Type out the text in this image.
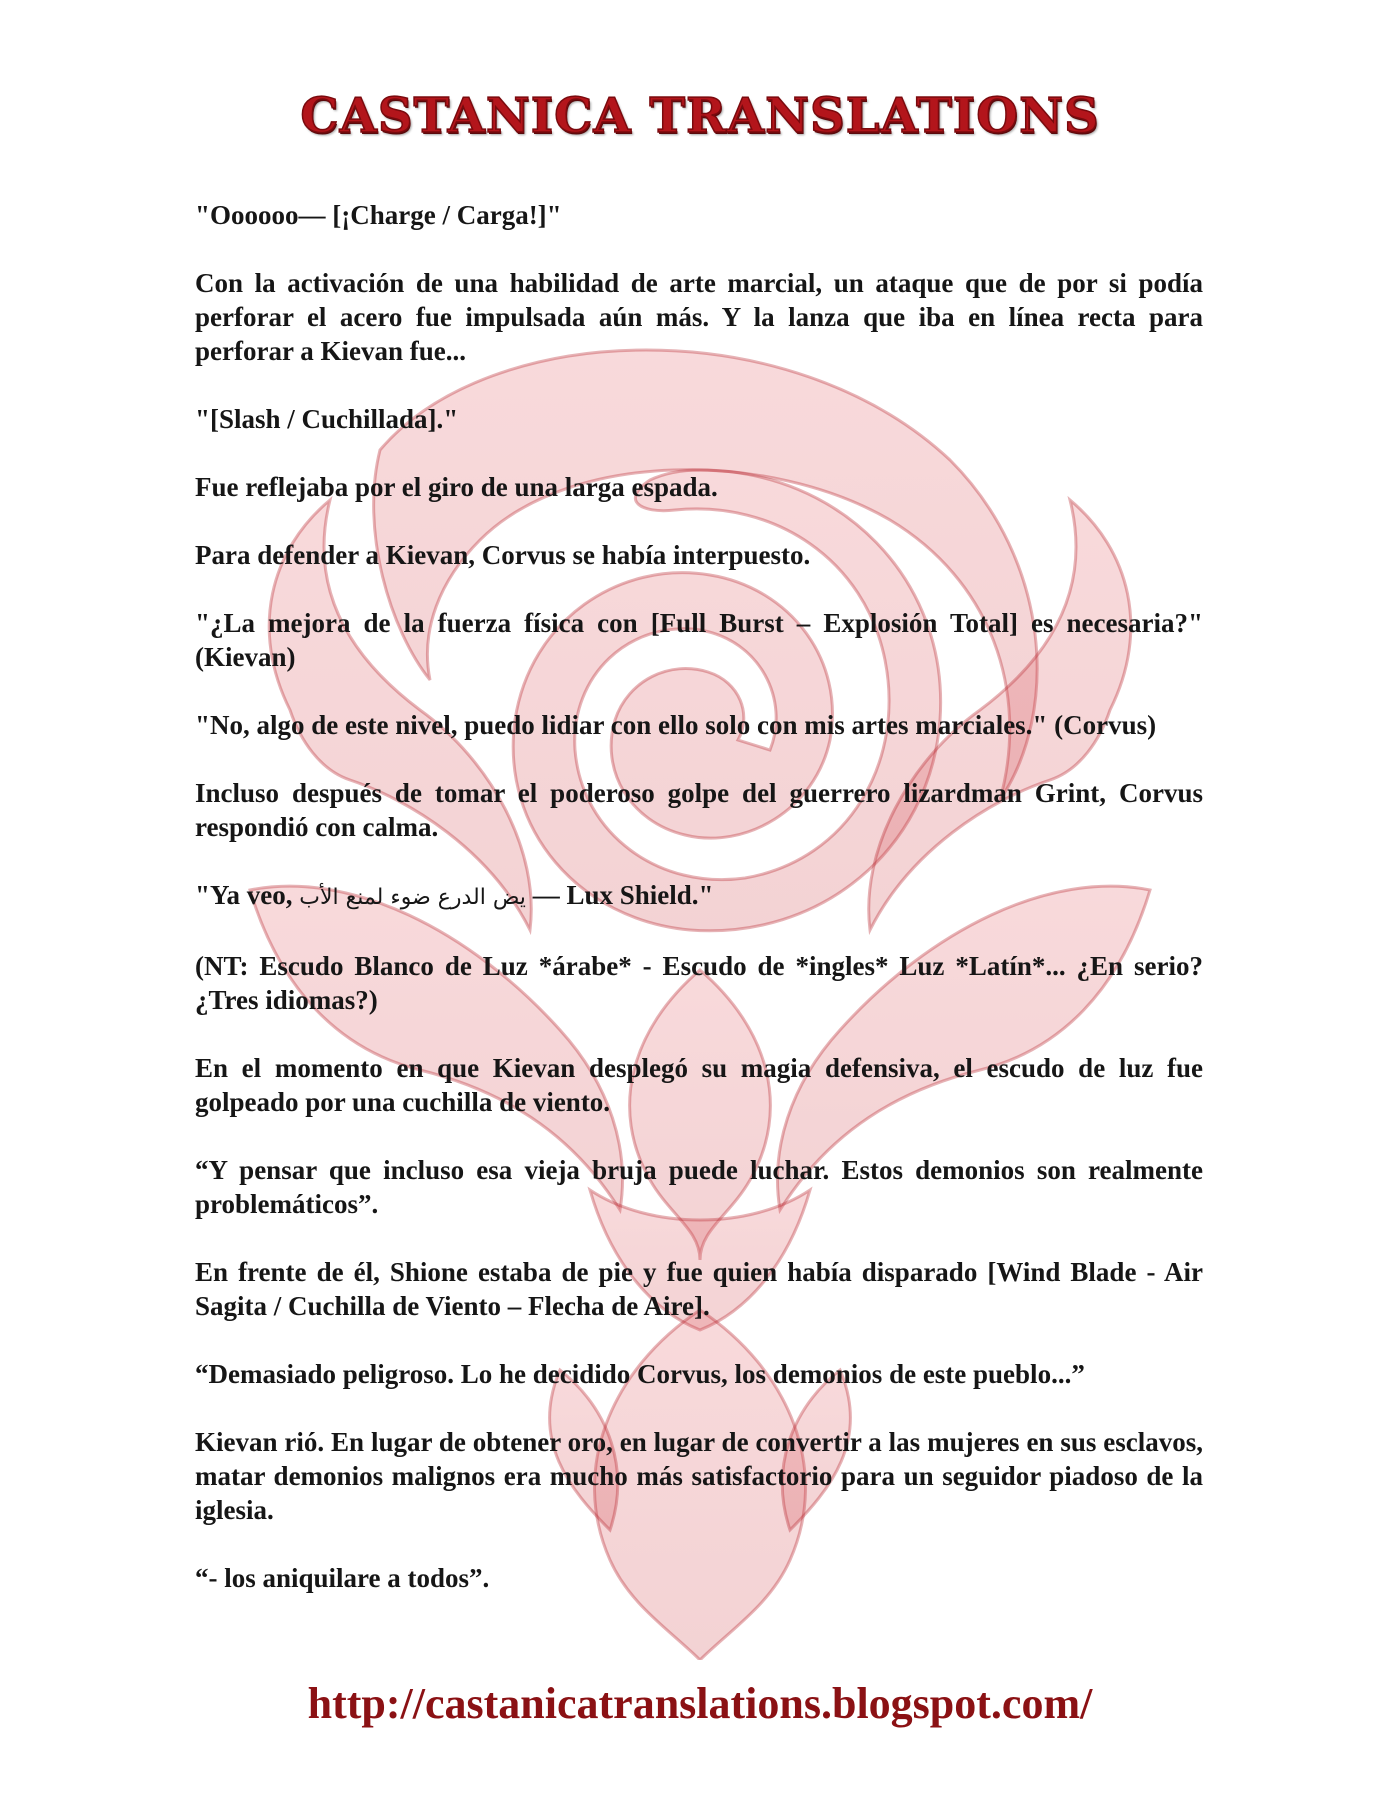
CASTANICA TRANSLATIONS

"Oooooo— [¡Charge / Carga!]"

Con la activación de una habilidad de arte marcial, un ataque que de por si podía perforar el acero fue impulsada aún más. Y la lanza que iba en línea recta para perforar a Kievan fue...

"[Slash / Cuchillada]."

Fue reflejaba por el giro de una larga espada.

Para defender a Kievan, Corvus se había interpuesto.

"¿La mejora de la fuerza física con [Full Burst – Explosión Total] es necesaria?" (Kievan)

"No, algo de este nivel, puedo lidiar con ello solo con mis artes marciales." (Corvus)

Incluso después de tomar el poderoso golpe del guerrero lizardman Grint, Corvus respondió con calma.

"Ya veo, يض الدرع ضوء لمنع الأب — Lux Shield."

(NT: Escudo Blanco de Luz *árabe* - Escudo de *ingles* Luz *Latín*... ¿En serio? ¿Tres idiomas?)

En el momento en que Kievan desplegó su magia defensiva, el escudo de luz fue golpeado por una cuchilla de viento.

“Y pensar que incluso esa vieja bruja puede luchar. Estos demonios son realmente problemáticos”.

En frente de él, Shione estaba de pie y fue quien había disparado [Wind Blade - Air Sagita / Cuchilla de Viento – Flecha de Aire].

“Demasiado peligroso. Lo he decidido Corvus, los demonios de este pueblo...”

Kievan rió. En lugar de obtener oro, en lugar de convertir a las mujeres en sus esclavos, matar demonios malignos era mucho más satisfactorio para un seguidor piadoso de la iglesia.

“- los aniquilare a todos”.

http://castanicatranslations.blogspot.com/
